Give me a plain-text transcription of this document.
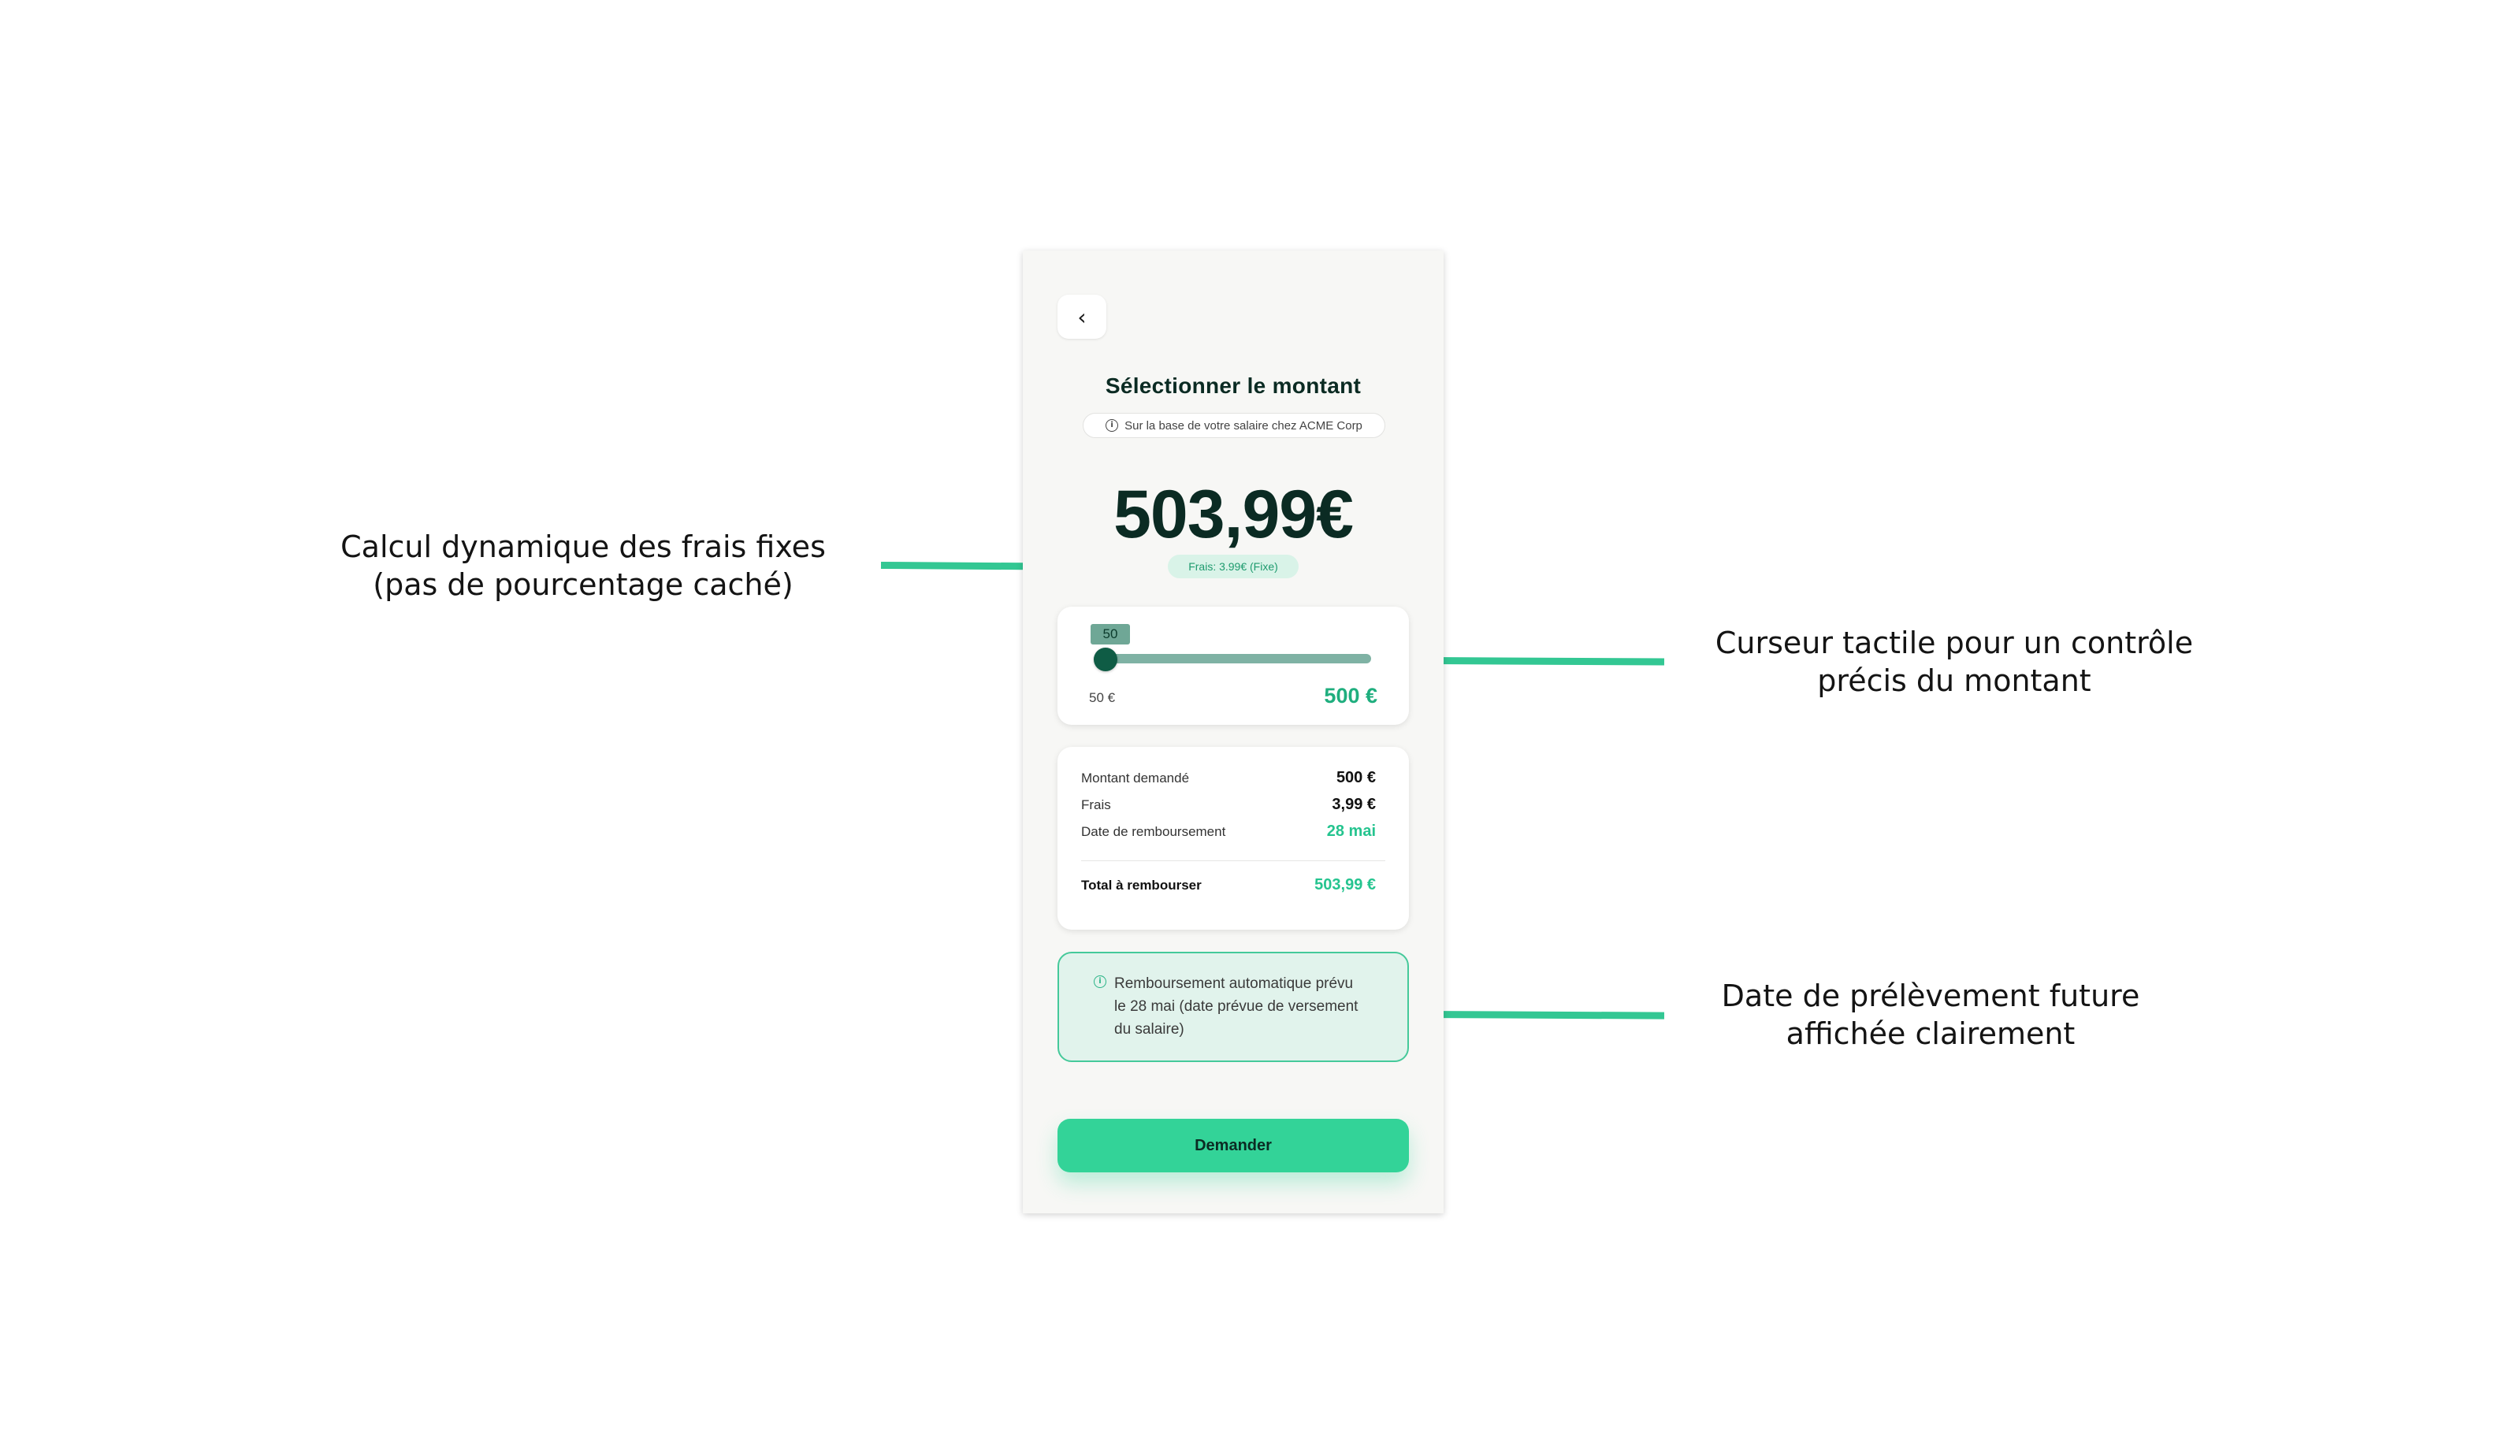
Calcul dynamique des frais fixes
(pas de pourcentage caché)
Curseur tactile pour un contrôle
précis du montant
Date de prélèvement future
affichée clairement
‹
Sélectionner le montant
i Sur la base de votre salaire chez ACME Corp
503,99€
Frais: 3.99€ (Fixe)
50
50 €	500 €
Montant demandé	500 €
Frais	3,99 €
Date de remboursement	28 mai
Total à rembourser	503,99 €
i Remboursement automatique prévu le 28 mai (date prévue de versement du salaire)
Demander
